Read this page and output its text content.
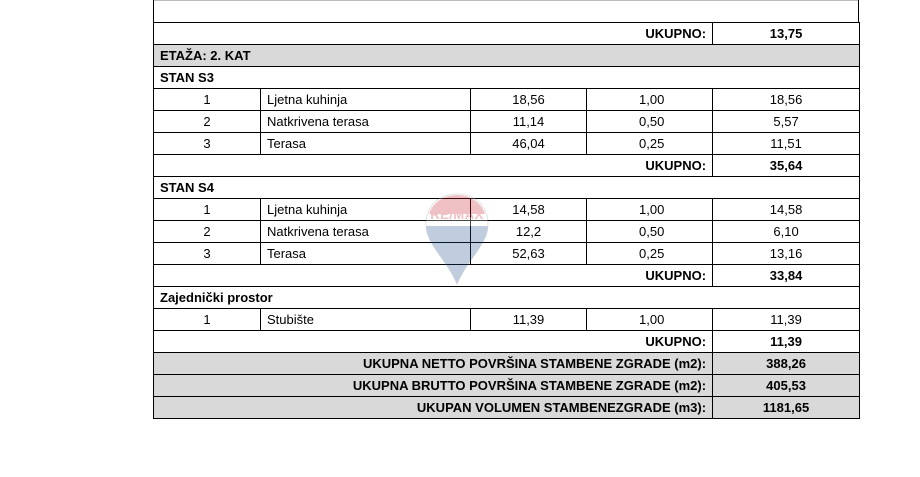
UKUPNO:				13,75
ETAŽA: 2. KAT				
STAN S3				
1	Ljetna kuhinja	18,56	1,00	18,56
2	Natkrivena terasa	11,14	0,50	5,57
3	Terasa	46,04	0,25	11,51
UKUPNO:				35,64
STAN S4				
1	Ljetna kuhinja	14,58	1,00	14,58
2	Natkrivena terasa	12,2	0,50	6,10
3	Terasa	52,63	0,25	13,16
UKUPNO:				33,84
Zajednički prostor				
1	Stubište	11,39	1,00	11,39
UKUPNO:				11,39
UKUPNA NETTO POVRŠINA STAMBENE ZGRADE (m2):				388,26
UKUPNA BRUTTO POVRŠINA STAMBENE ZGRADE (m2):				405,53
UKUPAN VOLUMEN STAMBENEZGRADE (m3):				1181,65
RE/MAX
